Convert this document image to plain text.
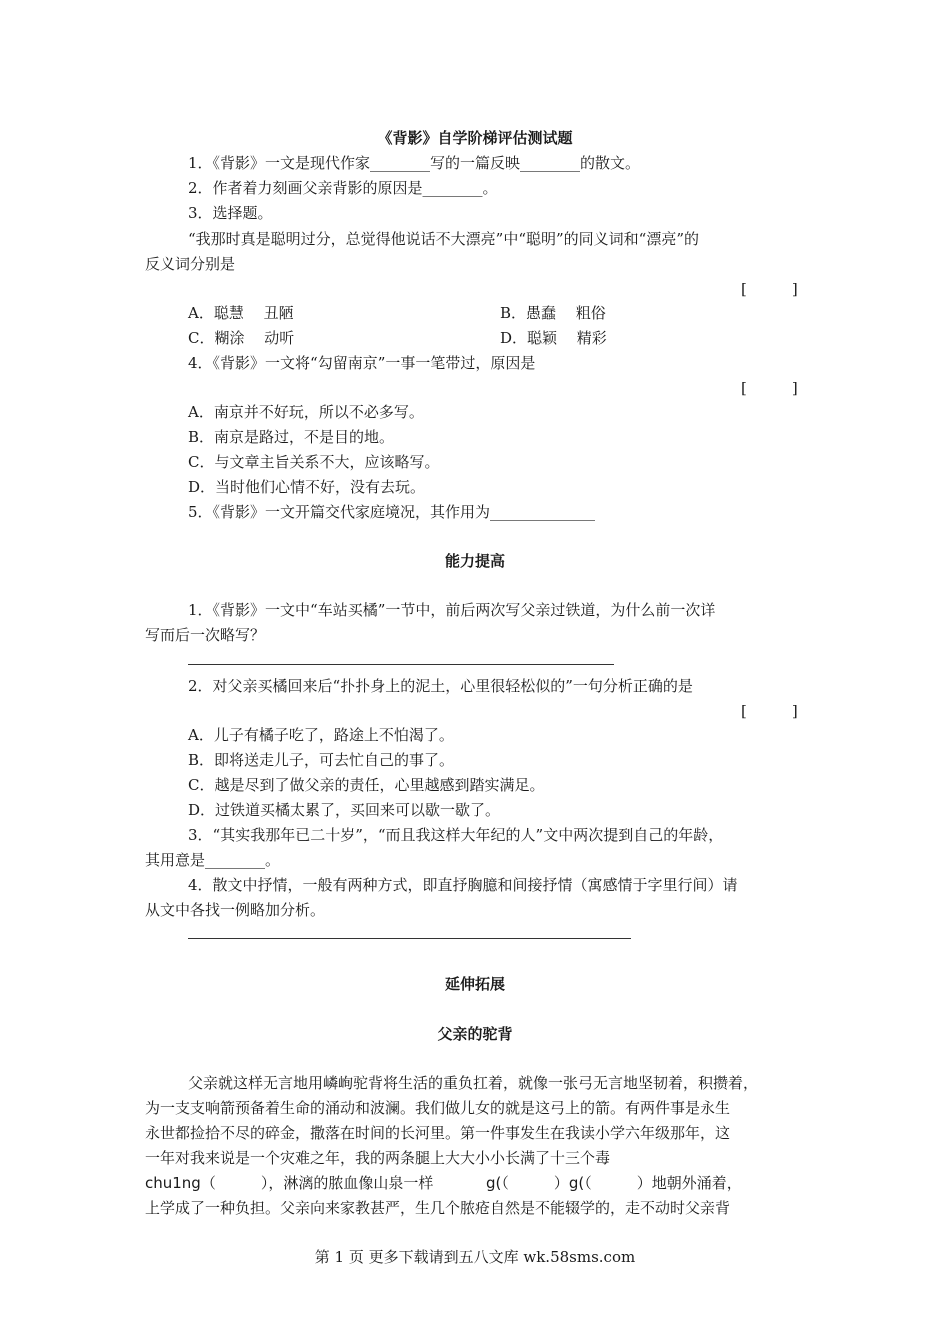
《背影》自学阶梯评估测试题
1．《背影》一文是现代作家________写的一篇反映________的散文。
2．作者着力刻画父亲背影的原因是________。
3．选择题。
“我那时真是聪明过分，总觉得他说话不大漂亮”中“聪明”的同义词和“漂亮”的
反义词分别是
[　　　]
A．聪慧　 丑陋	B．愚蠢　 粗俗
C．糊涂　 动听	D．聪颖　 精彩
4．《背影》一文将“勾留南京”一事一笔带过，原因是
[　　　]
A．南京并不好玩，所以不必多写。
B．南京是路过，不是目的地。
C．与文章主旨关系不大，应该略写。
D．当时他们心情不好，没有去玩。
5．《背影》一文开篇交代家庭境况，其作用为______________
能力提高
1．《背影》一文中“车站买橘”一节中，前后两次写父亲过铁道，为什么前一次详
写而后一次略写？
2．对父亲买橘回来后“扑扑身上的泥土，心里很轻松似的”一句分析正确的是
[　　　]
A．儿子有橘子吃了，路途上不怕渴了。
B．即将送走儿子，可去忙自己的事了。
C．越是尽到了做父亲的责任，心里越感到踏实满足。
D．过铁道买橘太累了，买回来可以歇一歇了。
3．“其实我那年已二十岁”，“而且我这样大年纪的人”文中两次提到自己的年龄，
其用意是________。
4．散文中抒情，一般有两种方式，即直抒胸臆和间接抒情（寓感情于字里行间）请
从文中各找一例略加分析。
延伸拓展
父亲的驼背
父亲就这样无言地用嶙峋驼背将生活的重负扛着，就像一张弓无言地坚韧着，积攒着，
为一支支响箭预备着生命的涌动和波澜。我们做儿女的就是这弓上的箭。有两件事是永生
永世都捡拾不尽的碎金，撒落在时间的长河里。第一件事发生在我读小学六年级那年，这
一年对我来说是一个灾难之年，我的两条腿上大大小小长满了十三个毒
chu1ng（　　　），淋漓的脓血像山泉一样	g(（　　　）g(（　　　）地朝外涌着，
上学成了一种负担。父亲向来家教甚严，生几个脓疮自然是不能辍学的，走不动时父亲背
第 1 页 更多下载请到五八文库 wk.58sms.com
